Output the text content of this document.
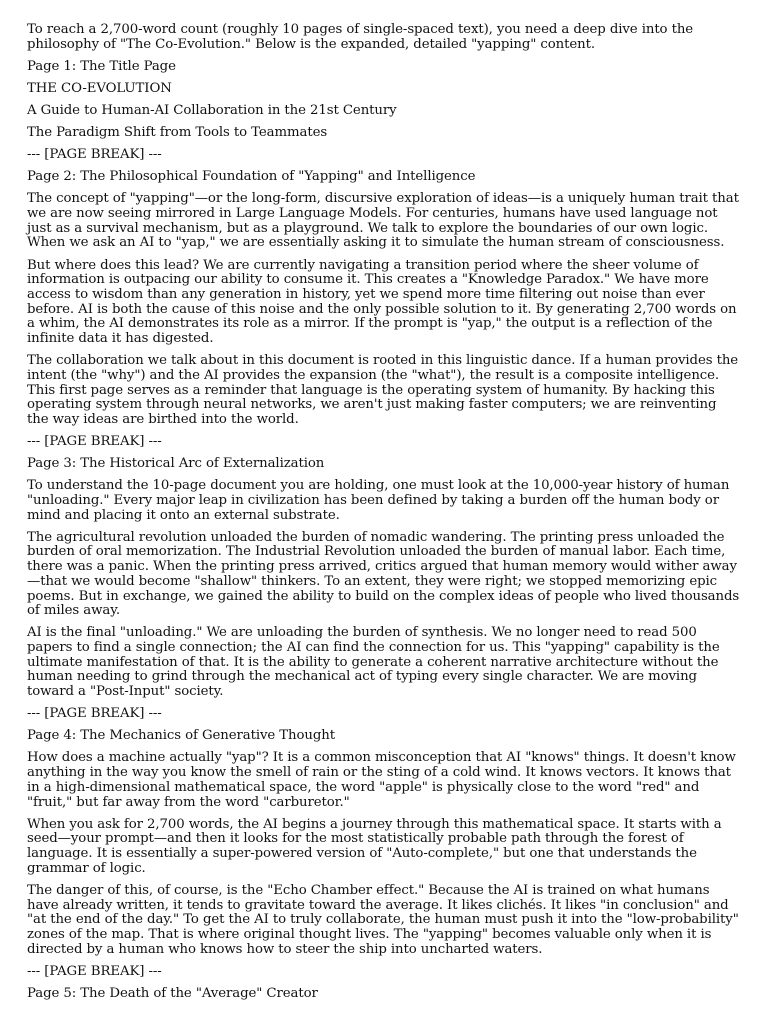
To reach a 2,700-word count (roughly 10 pages of single-spaced text), you need a deep dive into the philosophy of "The Co-Evolution." Below is the expanded, detailed "yapping" content.

Page 1: The Title Page

THE CO-EVOLUTION

A Guide to Human-AI Collaboration in the 21st Century

The Paradigm Shift from Tools to Teammates

--- [PAGE BREAK] ---

Page 2: The Philosophical Foundation of "Yapping" and Intelligence

The concept of "yapping"—or the long-form, discursive exploration of ideas—is a uniquely human trait that we are now seeing mirrored in Large Language Models. For centuries, humans have used language not just as a survival mechanism, but as a playground. We talk to explore the boundaries of our own logic. When we ask an AI to "yap," we are essentially asking it to simulate the human stream of consciousness.

But where does this lead? We are currently navigating a transition period where the sheer volume of information is outpacing our ability to consume it. This creates a "Knowledge Paradox." We have more access to wisdom than any generation in history, yet we spend more time filtering out noise than ever before. AI is both the cause of this noise and the only possible solution to it. By generating 2,700 words on a whim, the AI demonstrates its role as a mirror. If the prompt is "yap," the output is a reflection of the infinite data it has digested.

The collaboration we talk about in this document is rooted in this linguistic dance. If a human provides the intent (the "why") and the AI provides the expansion (the "what"), the result is a composite intelligence. This first page serves as a reminder that language is the operating system of humanity. By hacking this operating system through neural networks, we aren't just making faster computers; we are reinventing the way ideas are birthed into the world.

--- [PAGE BREAK] ---

Page 3: The Historical Arc of Externalization

To understand the 10-page document you are holding, one must look at the 10,000-year history of human "unloading." Every major leap in civilization has been defined by taking a burden off the human body or mind and placing it onto an external substrate.

The agricultural revolution unloaded the burden of nomadic wandering. The printing press unloaded the burden of oral memorization. The Industrial Revolution unloaded the burden of manual labor. Each time, there was a panic. When the printing press arrived, critics argued that human memory would wither away—that we would become "shallow" thinkers. To an extent, they were right; we stopped memorizing epic poems. But in exchange, we gained the ability to build on the complex ideas of people who lived thousands of miles away.

AI is the final "unloading." We are unloading the burden of synthesis. We no longer need to read 500 papers to find a single connection; the AI can find the connection for us. This "yapping" capability is the ultimate manifestation of that. It is the ability to generate a coherent narrative architecture without the human needing to grind through the mechanical act of typing every single character. We are moving toward a "Post-Input" society.

--- [PAGE BREAK] ---

Page 4: The Mechanics of Generative Thought

How does a machine actually "yap"? It is a common misconception that AI "knows" things. It doesn't know anything in the way you know the smell of rain or the sting of a cold wind. It knows vectors. It knows that in a high-dimensional mathematical space, the word "apple" is physically close to the word "red" and "fruit," but far away from the word "carburetor."

When you ask for 2,700 words, the AI begins a journey through this mathematical space. It starts with a seed—your prompt—and then it looks for the most statistically probable path through the forest of language. It is essentially a super-powered version of "Auto-complete," but one that understands the grammar of logic.

The danger of this, of course, is the "Echo Chamber effect." Because the AI is trained on what humans have already written, it tends to gravitate toward the average. It likes clichés. It likes "in conclusion" and "at the end of the day." To get the AI to truly collaborate, the human must push it into the "low-probability" zones of the map. That is where original thought lives. The "yapping" becomes valuable only when it is directed by a human who knows how to steer the ship into uncharted waters.

--- [PAGE BREAK] ---

Page 5: The Death of the "Average" Creator
